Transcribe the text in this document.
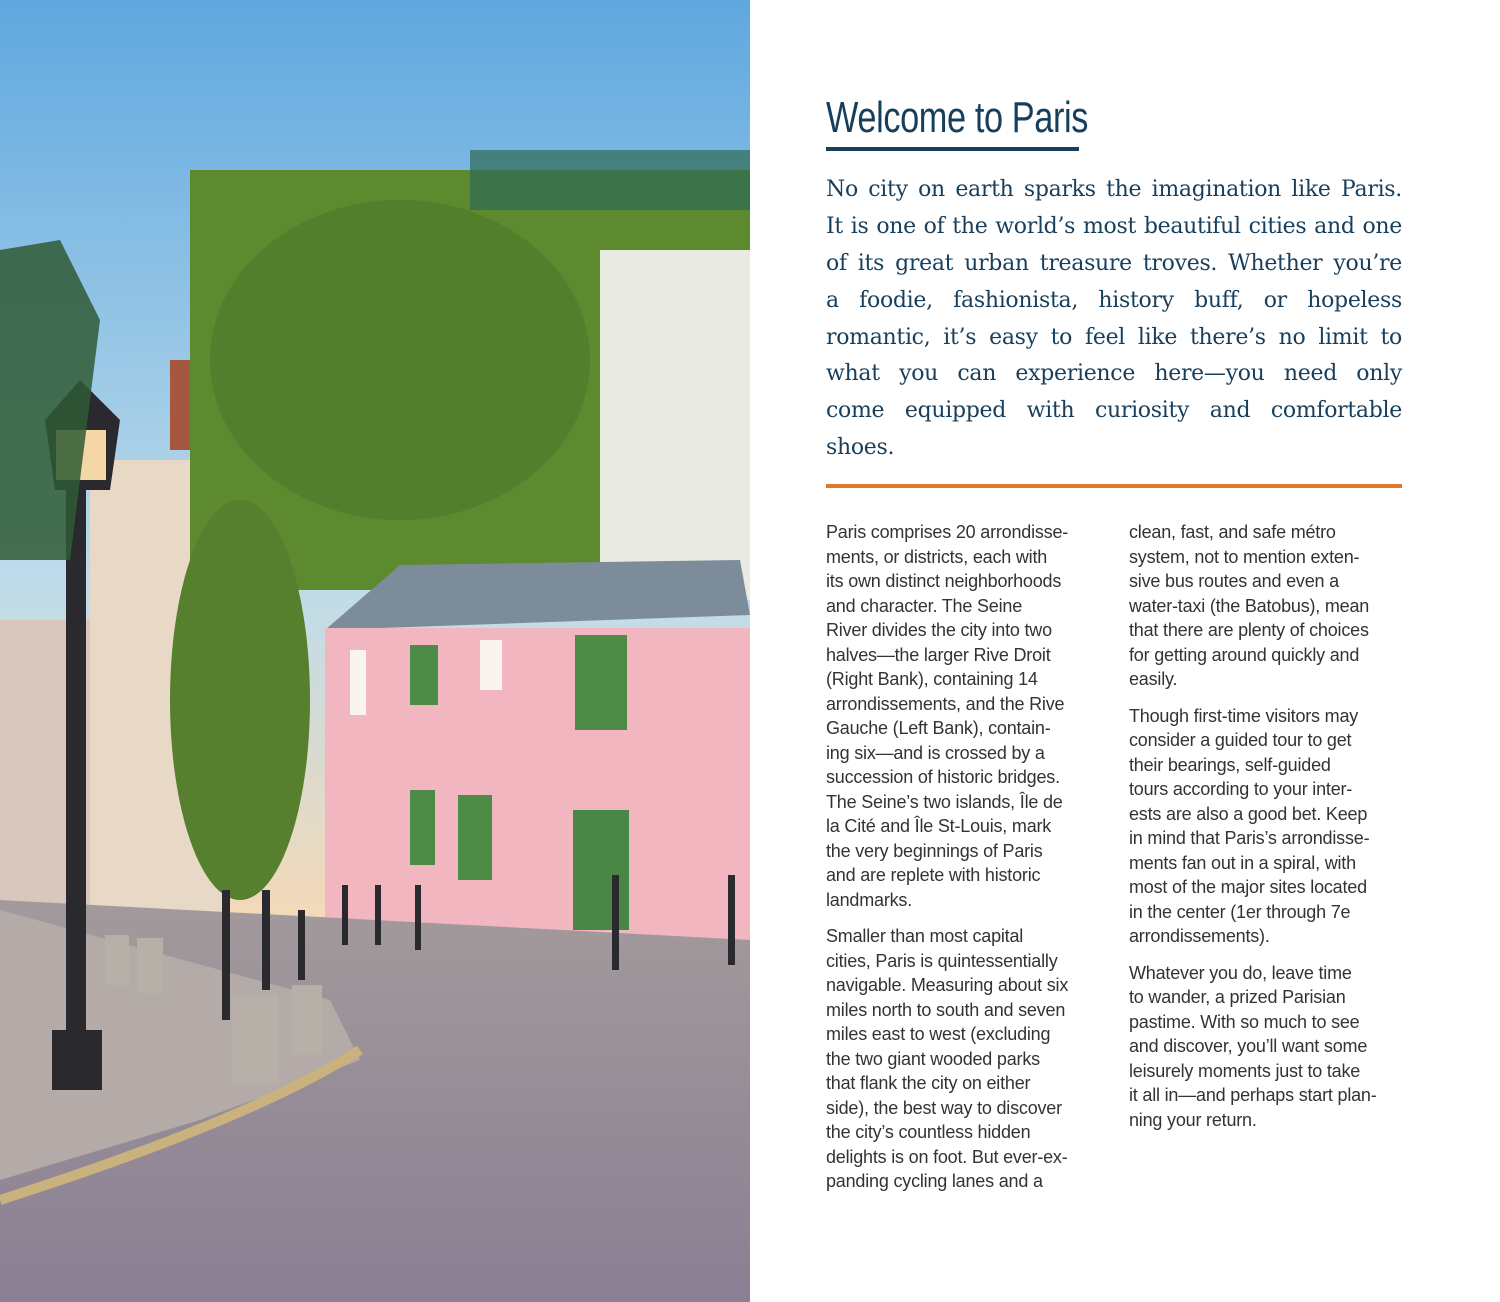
Welcome to Paris
No city on earth sparks the imagination like Paris.
It is one of the world’s most beautiful cities and one
of its great urban treasure troves. Whether you’re
a foodie, fashionista, history buff, or hopeless
romantic, it’s easy to feel like there’s no limit to
what you can experience here—you need only
come equipped with curiosity and comfortable
shoes.
Paris comprises 20 arrondisse-
ments, or districts, each with
its own distinct neighborhoods
and character. The Seine
River divides the city into two
halves—the larger Rive Droit
(Right Bank), containing 14
arrondissements, and the Rive
Gauche (Left Bank), contain-
ing six—and is crossed by a
succession of historic bridges.
The Seine’s two islands, Île de
la Cité and Île St-Louis, mark
the very beginnings of Paris
and are replete with historic
landmarks.
Smaller than most capital
cities, Paris is quintessentially
navigable. Measuring about six
miles north to south and seven
miles east to west (excluding
the two giant wooded parks
that flank the city on either
side), the best way to discover
the city’s countless hidden
delights is on foot. But ever-ex-
panding cycling lanes and a
clean, fast, and safe métro
system, not to mention exten-
sive bus routes and even a
water-taxi (the Batobus), mean
that there are plenty of choices
for getting around quickly and
easily.
Though first-time visitors may
consider a guided tour to get
their bearings, self-guided
tours according to your inter-
ests are also a good bet. Keep
in mind that Paris’s arrondisse-
ments fan out in a spiral, with
most of the major sites located
in the center (1er through 7e
arrondissements).
Whatever you do, leave time
to wander, a prized Parisian
pastime. With so much to see
and discover, you’ll want some
leisurely moments just to take
it all in—and perhaps start plan-
ning your return.
